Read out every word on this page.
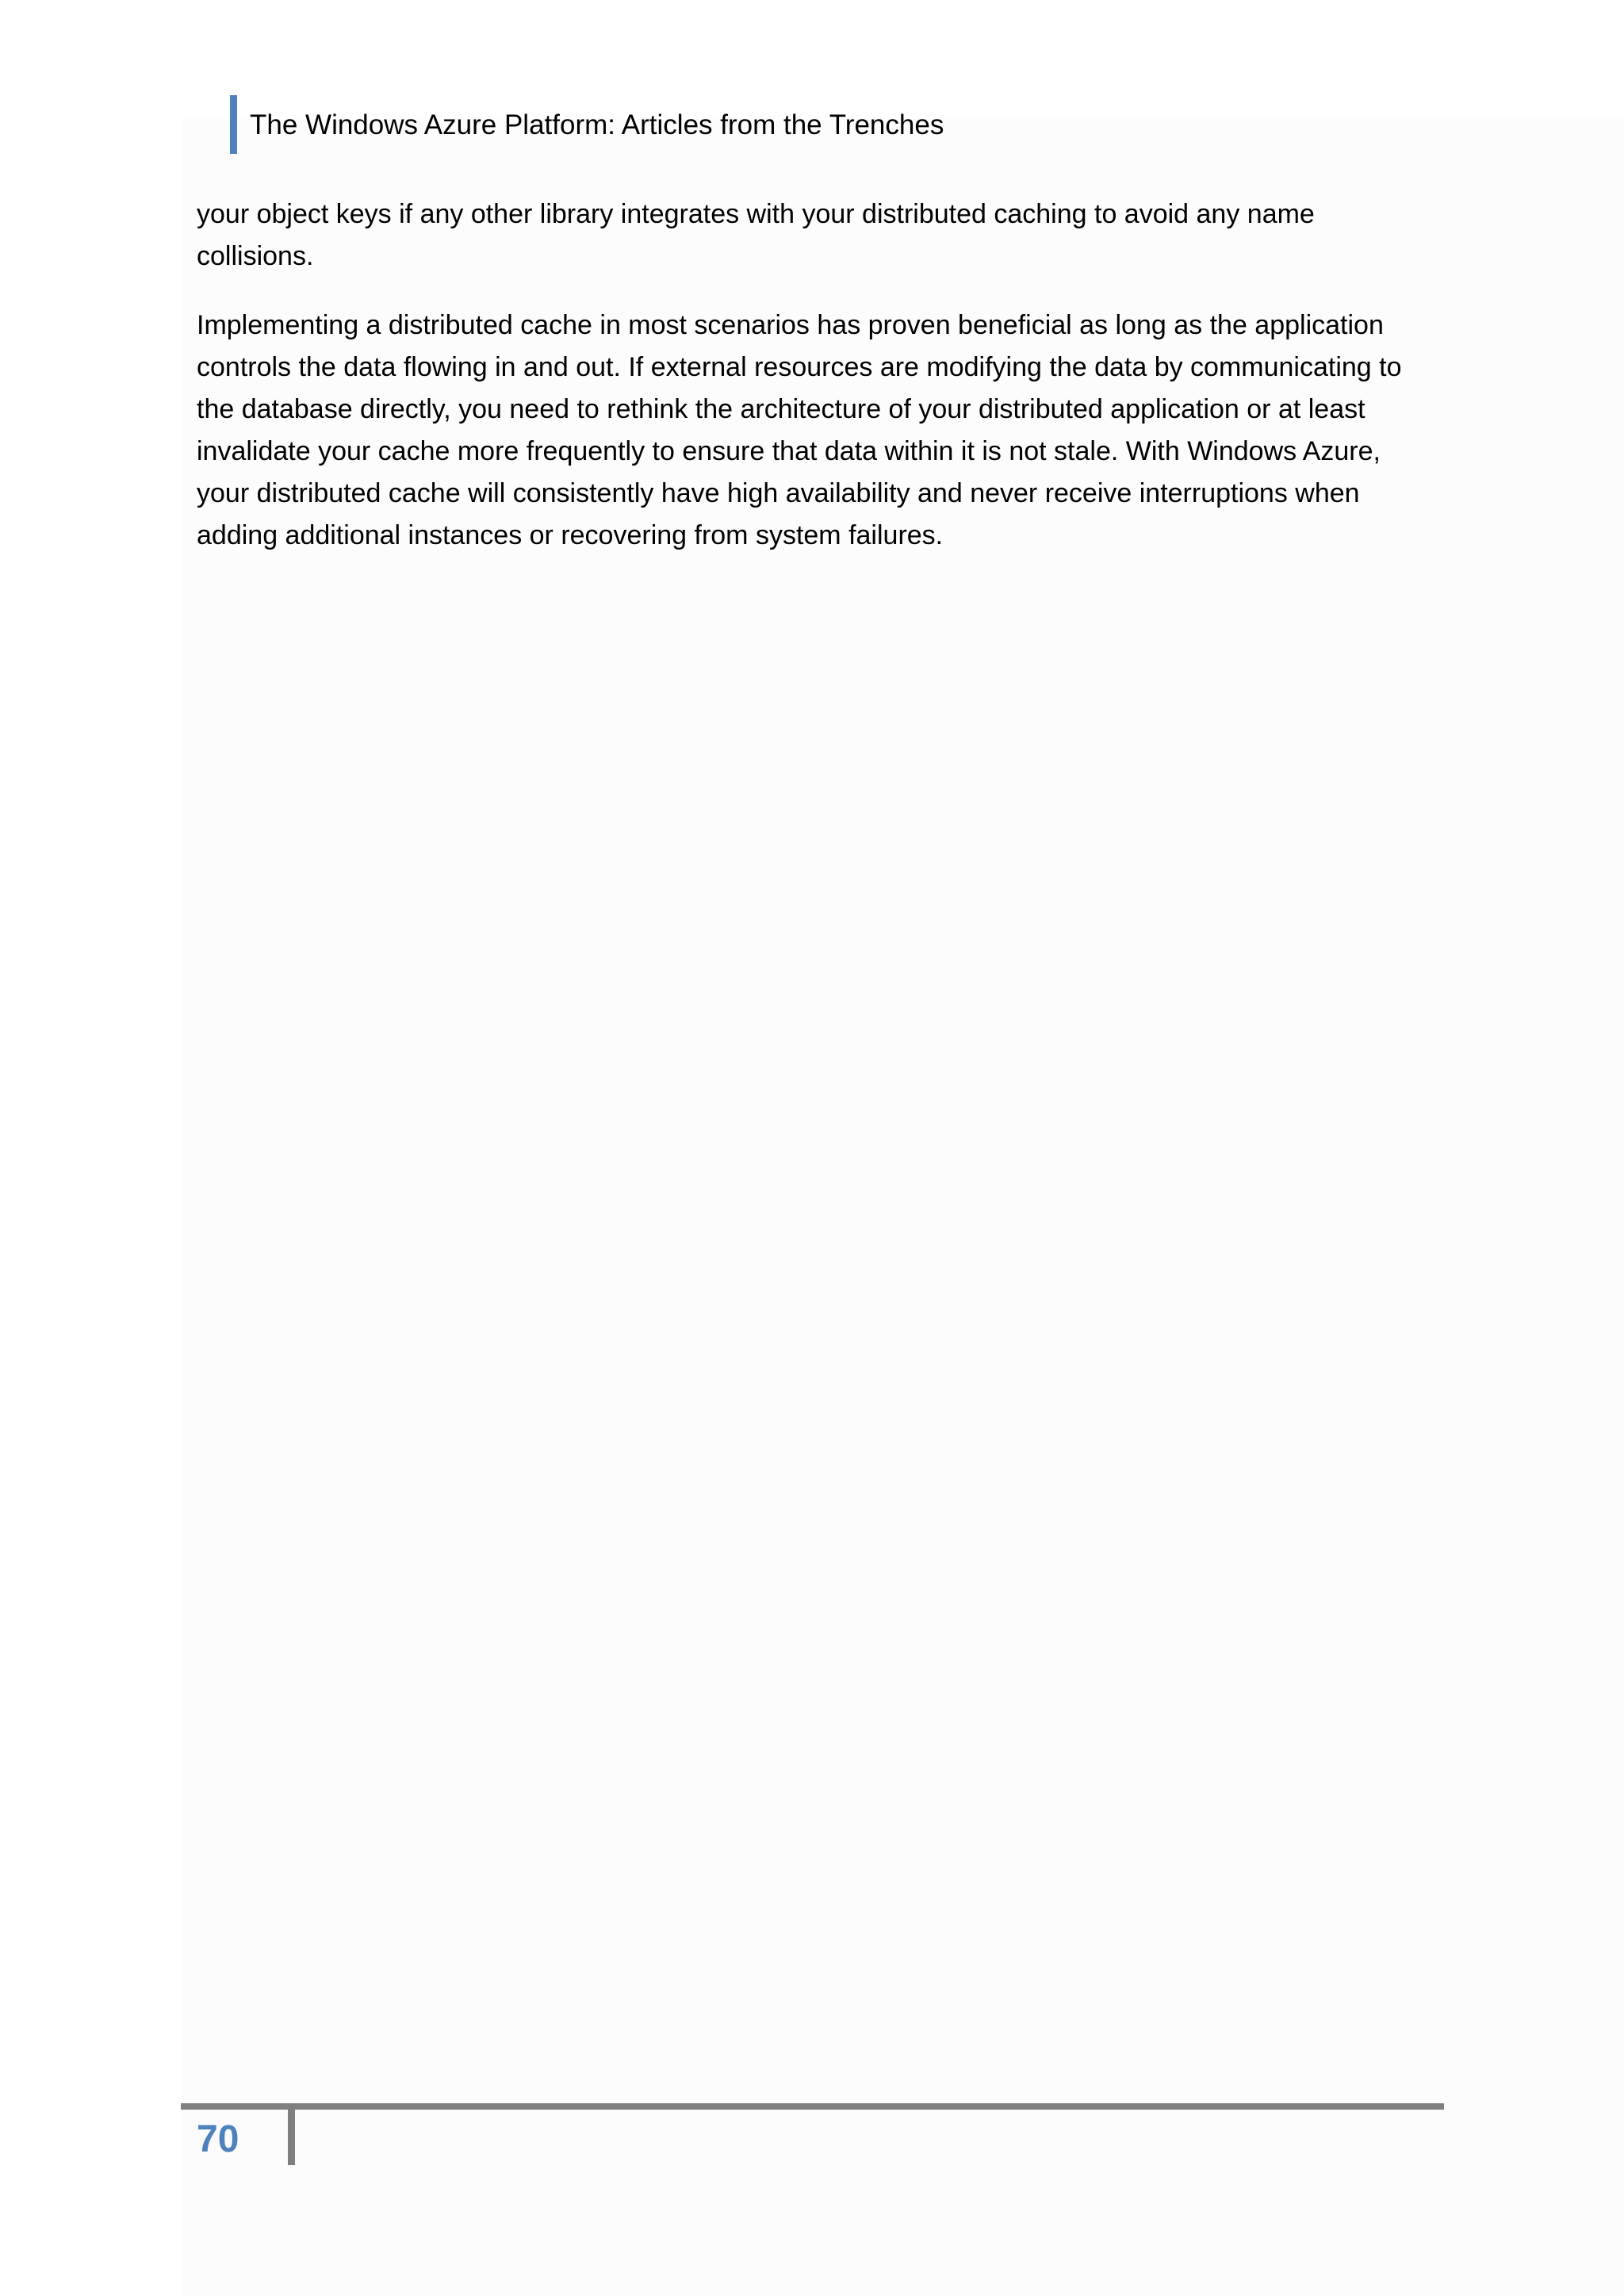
The Windows Azure Platform: Articles from the Trenches

your object keys if any other library integrates with your distributed caching to avoid any name collisions.

Implementing a distributed cache in most scenarios has proven beneficial as long as the application controls the data flowing in and out. If external resources are modifying the data by communicating to the database directly, you need to rethink the architecture of your distributed application or at least invalidate your cache more frequently to ensure that data within it is not stale. With Windows Azure, your distributed cache will consistently have high availability and never receive interruptions when adding additional instances or recovering from system failures.

70
